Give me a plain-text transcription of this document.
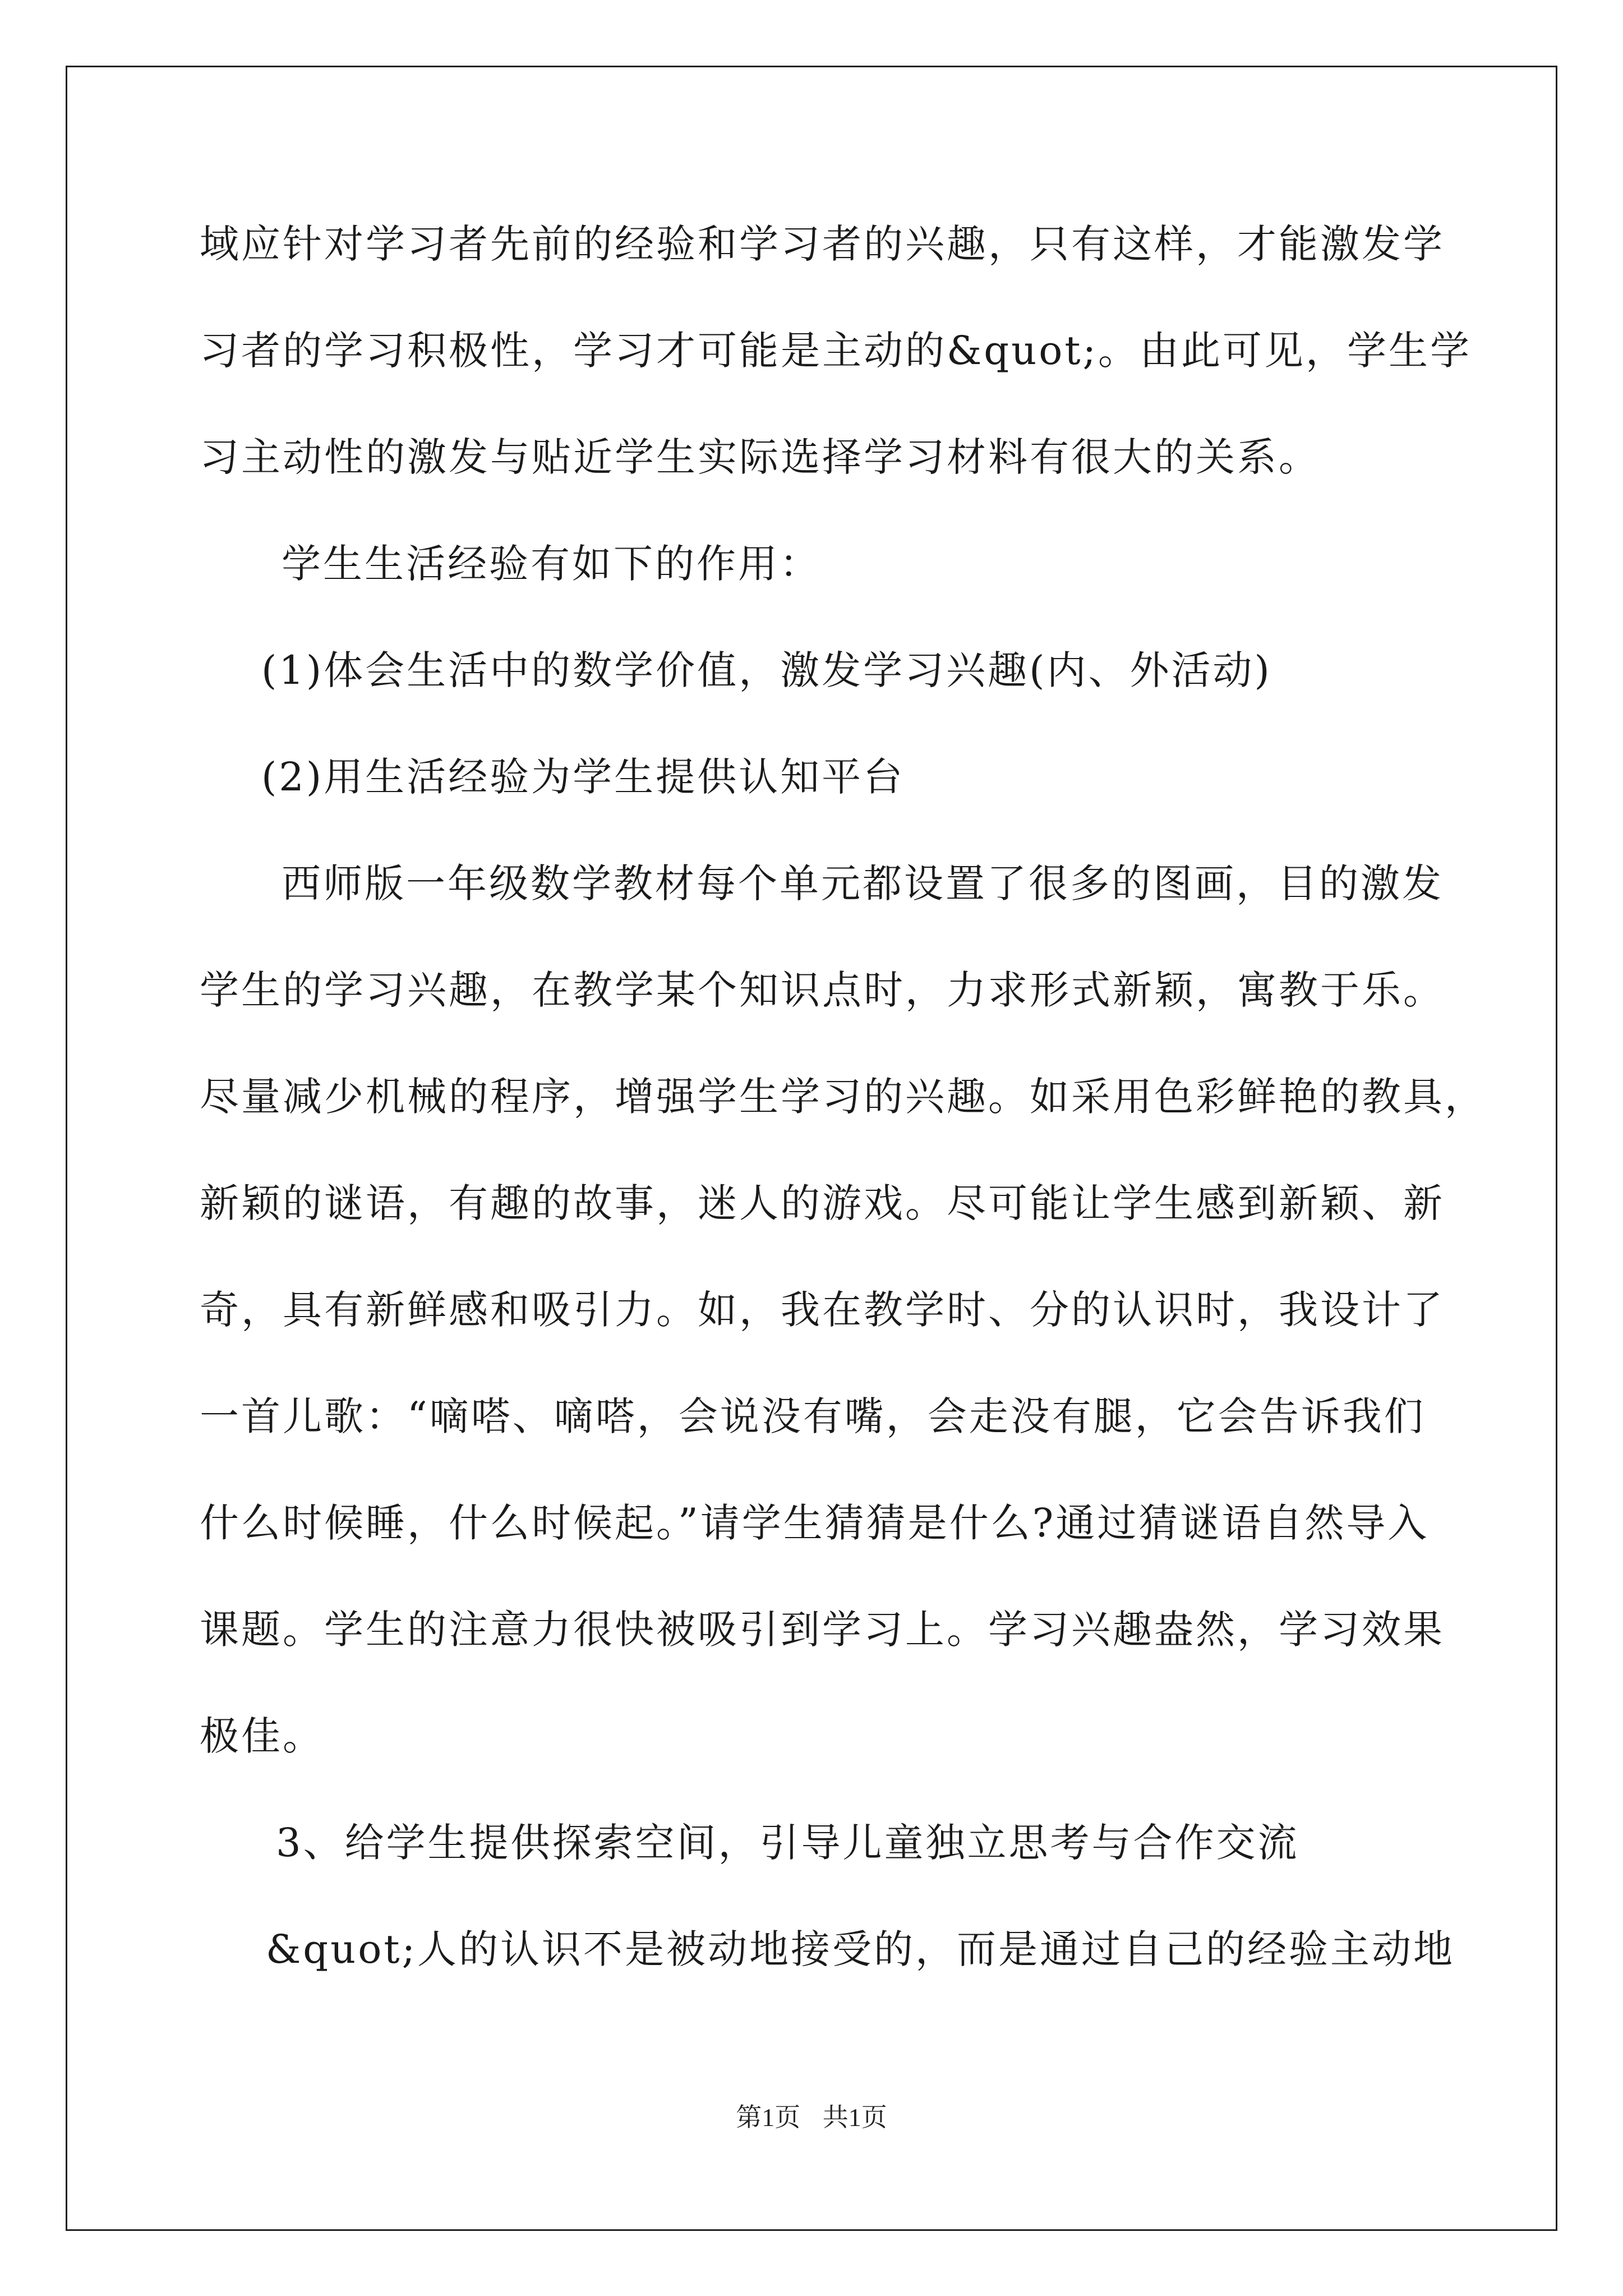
域应针对学习者先前的经验和学习者的兴趣，只有这样，才能激发学
习者的学习积极性，学习才可能是主动的&quot;。由此可见，学生学
习主动性的激发与贴近学生实际选择学习材料有很大的关系。
学生生活经验有如下的作用：
(1)体会生活中的数学价值，激发学习兴趣(内、外活动)
(2)用生活经验为学生提供认知平台
西师版一年级数学教材每个单元都设置了很多的图画，目的激发
学生的学习兴趣，在教学某个知识点时，力求形式新颖，寓教于乐。
尽量减少机械的程序，增强学生学习的兴趣。如采用色彩鲜艳的教具，
新颖的谜语，有趣的故事，迷人的游戏。尽可能让学生感到新颖、新
奇，具有新鲜感和吸引力。如，我在教学时、分的认识时，我设计了
一首儿歌：“嘀嗒、嘀嗒，会说没有嘴，会走没有腿，它会告诉我们
什么时候睡，什么时候起。”请学生猜猜是什么?通过猜谜语自然导入
课题。学生的注意力很快被吸引到学习上。学习兴趣盎然，学习效果
极佳。
3、给学生提供探索空间，引导儿童独立思考与合作交流
&quot;人的认识不是被动地接受的，而是通过自己的经验主动地
第1页 共1页
